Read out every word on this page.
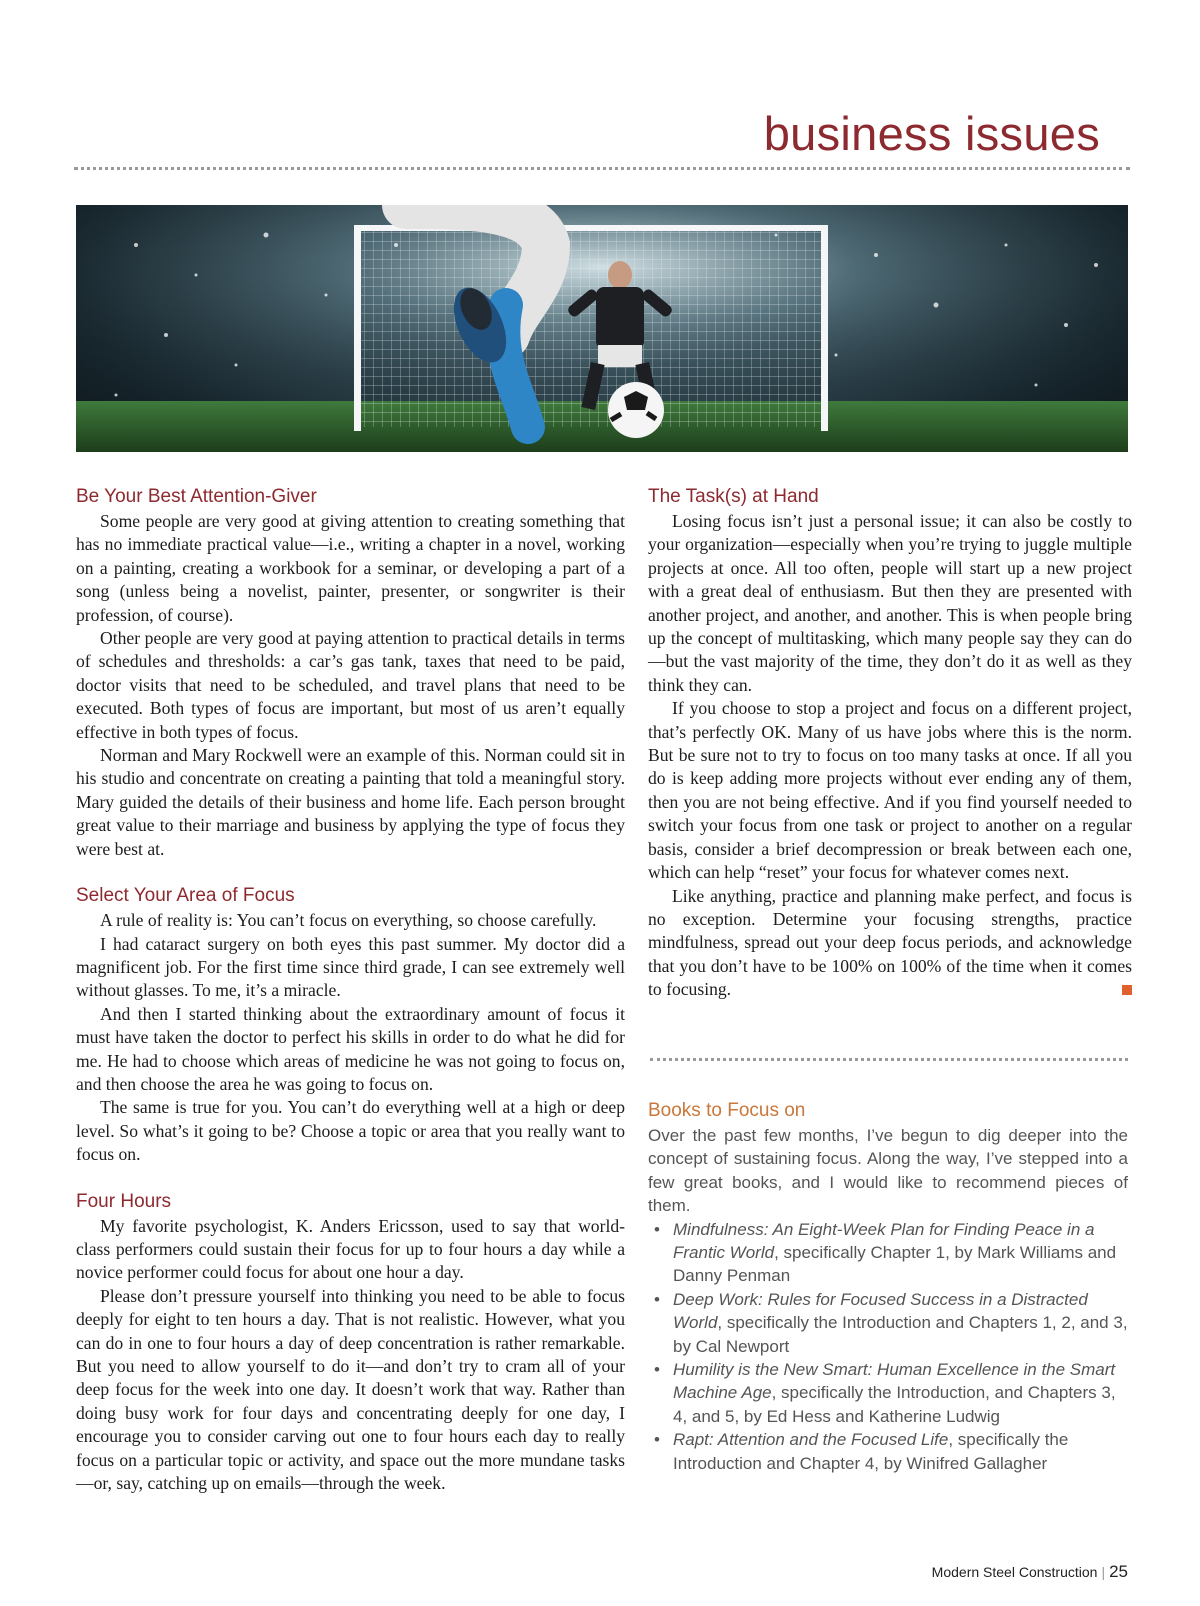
business issues
Be Your Best Attention-Giver

Some people are very good at giving attention to creating something that has no immediate practical value—i.e., writing a chapter in a novel, working on a painting, creating a workbook for a seminar, or developing a part of a song (unless being a novelist, painter, presenter, or songwriter is their profession, of course).

Other people are very good at paying attention to practical details in terms of schedules and thresholds: a car’s gas tank, taxes that need to be paid, doctor visits that need to be scheduled, and travel plans that need to be executed. Both types of focus are important, but most of us aren’t equally effective in both types of focus.

Norman and Mary Rockwell were an example of this. Norman could sit in his studio and concentrate on creating a painting that told a meaningful story. Mary guided the details of their business and home life. Each person brought great value to their marriage and business by applying the type of focus they were best at.

Select Your Area of Focus

A rule of reality is: You can’t focus on everything, so choose carefully.

I had cataract surgery on both eyes this past summer. My doctor did a magnificent job. For the first time since third grade, I can see extremely well without glasses. To me, it’s a miracle.

And then I started thinking about the extraordinary amount of focus it must have taken the doctor to perfect his skills in order to do what he did for me. He had to choose which areas of medicine he was not going to focus on, and then choose the area he was going to focus on.

The same is true for you. You can’t do everything well at a high or deep level. So what’s it going to be? Choose a topic or area that you really want to focus on.

Four Hours

My favorite psychologist, K. Anders Ericsson, used to say that world-class performers could sustain their focus for up to four hours a day while a novice performer could focus for about one hour a day.

Please don’t pressure yourself into thinking you need to be able to focus deeply for eight to ten hours a day. That is not realistic. However, what you can do in one to four hours a day of deep concentration is rather remarkable. But you need to allow yourself to do it—and don’t try to cram all of your deep focus for the week into one day. It doesn’t work that way. Rather than doing busy work for four days and concentrating deeply for one day, I encourage you to consider carving out one to four hours each day to really focus on a particular topic or activity, and space out the more mundane tasks—or, say, catching up on emails—through the week.

The Task(s) at Hand

Losing focus isn’t just a personal issue; it can also be costly to your organization—especially when you’re trying to juggle multiple projects at once. All too often, people will start up a new project with a great deal of enthusiasm. But then they are presented with another project, and another, and another. This is when people bring up the concept of multitasking, which many people say they can do—but the vast majority of the time, they don’t do it as well as they think they can.

If you choose to stop a project and focus on a different project, that’s perfectly OK. Many of us have jobs where this is the norm. But be sure not to try to focus on too many tasks at once. If all you do is keep adding more projects without ever ending any of them, then you are not being effective. And if you find yourself needed to switch your focus from one task or project to another on a regular basis, consider a brief decompression or break between each one, which can help “reset” your focus for whatever comes next.

Like anything, practice and planning make perfect, and focus is no exception. Determine your focusing strengths, practice mindfulness, spread out your deep focus periods, and acknowledge that you don’t have to be 100% on 100% of the time when it comes to focusing.

Books to Focus on

Over the past few months, I’ve begun to dig deeper into the concept of sustaining focus. Along the way, I’ve stepped into a few great books, and I would like to recommend pieces of them.

• Mindfulness: An Eight-Week Plan for Finding Peace in a Frantic World, specifically Chapter 1, by Mark Williams and Danny Penman
• Deep Work: Rules for Focused Success in a Distracted World, specifically the Introduction and Chapters 1, 2, and 3, by Cal Newport
• Humility is the New Smart: Human Excellence in the Smart Machine Age, specifically the Introduction, and Chapters 3, 4, and 5, by Ed Hess and Katherine Ludwig
• Rapt: Attention and the Focused Life, specifically the Introduction and Chapter 4, by Winifred Gallagher

Modern Steel Construction | 25
